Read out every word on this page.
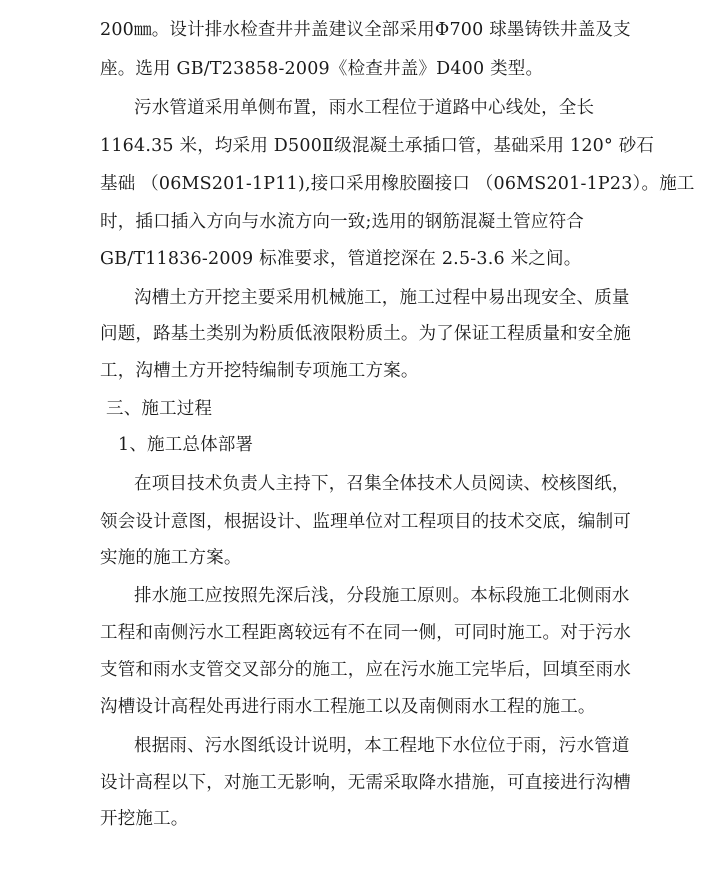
200㎜。设计排水检查井井盖建议全部采用Φ700 球墨铸铁井盖及支
座。选用 GB/T23858-2009《检查井盖》D400 类型。
污水管道采用单侧布置，雨水工程位于道路中心线处，全长
1164.35 米，均采用 D500Ⅱ级混凝土承插口管，基础采用 120° 砂石
基础 （06MS201-1P11),接口采用橡胶圈接口 （06MS201-1P23）。施工
时，插口插入方向与水流方向一致;选用的钢筋混凝土管应符合
GB/T11836-2009 标准要求，管道挖深在 2.5-3.6 米之间。
沟槽土方开挖主要采用机械施工，施工过程中易出现安全、质量
问题，路基土类别为粉质低液限粉质土。为了保证工程质量和安全施
工，沟槽土方开挖特编制专项施工方案。
三、施工过程
1、施工总体部署
在项目技术负责人主持下，召集全体技术人员阅读、校核图纸，
领会设计意图，根据设计、监理单位对工程项目的技术交底，编制可
实施的施工方案。
排水施工应按照先深后浅，分段施工原则。本标段施工北侧雨水
工程和南侧污水工程距离较远有不在同一侧，可同时施工。对于污水
支管和雨水支管交叉部分的施工，应在污水施工完毕后，回填至雨水
沟槽设计高程处再进行雨水工程施工以及南侧雨水工程的施工。
根据雨、污水图纸设计说明，本工程地下水位位于雨，污水管道
设计高程以下，对施工无影响，无需采取降水措施，可直接进行沟槽
开挖施工。
